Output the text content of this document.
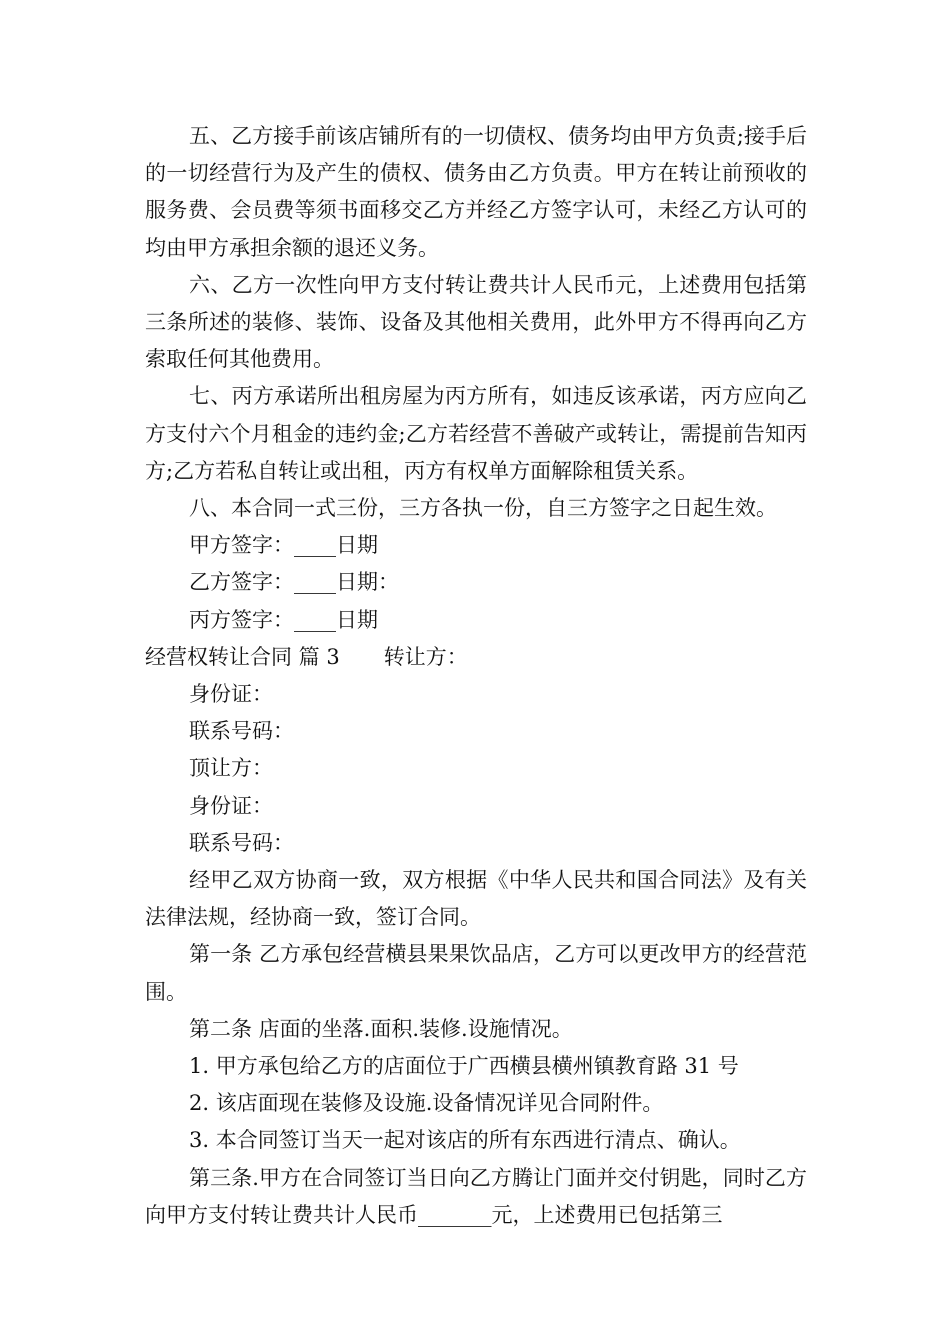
五、乙方接手前该店铺所有的一切债权、债务均由甲方负责;接手后的一切经营行为及产生的债权、债务由乙方负责。甲方在转让前预收的服务费、会员费等须书面移交乙方并经乙方签字认可，未经乙方认可的均由甲方承担余额的退还义务。

六、乙方一次性向甲方支付转让费共计人民币元，上述费用包括第三条所述的装修、装饰、设备及其他相关费用，此外甲方不得再向乙方索取任何其他费用。

七、丙方承诺所出租房屋为丙方所有，如违反该承诺，丙方应向乙方支付六个月租金的违约金;乙方若经营不善破产或转让，需提前告知丙方;乙方若私自转让或出租，丙方有权单方面解除租赁关系。

八、本合同一式三份，三方各执一份，自三方签字之日起生效。

甲方签字：____日期

乙方签字：____日期：

丙方签字：____日期

经营权转让合同 篇 3 转让方：

身份证：

联系号码：

顶让方：

身份证：

联系号码：

经甲乙双方协商一致，双方根据《中华人民共和国合同法》及有关法律法规，经协商一致，签订合同。

第一条 乙方承包经营横县果果饮品店，乙方可以更改甲方的经营范围。

第二条 店面的坐落.面积.装修.设施情况。

1. 甲方承包给乙方的店面位于广西横县横州镇教育路 31 号

2. 该店面现在装修及设施.设备情况详见合同附件。

3. 本合同签订当天一起对该店的所有东西进行清点、确认。

第三条.甲方在合同签订当日向乙方腾让门面并交付钥匙，同时乙方向甲方支付转让费共计人民币_______元，上述费用已包括第三
